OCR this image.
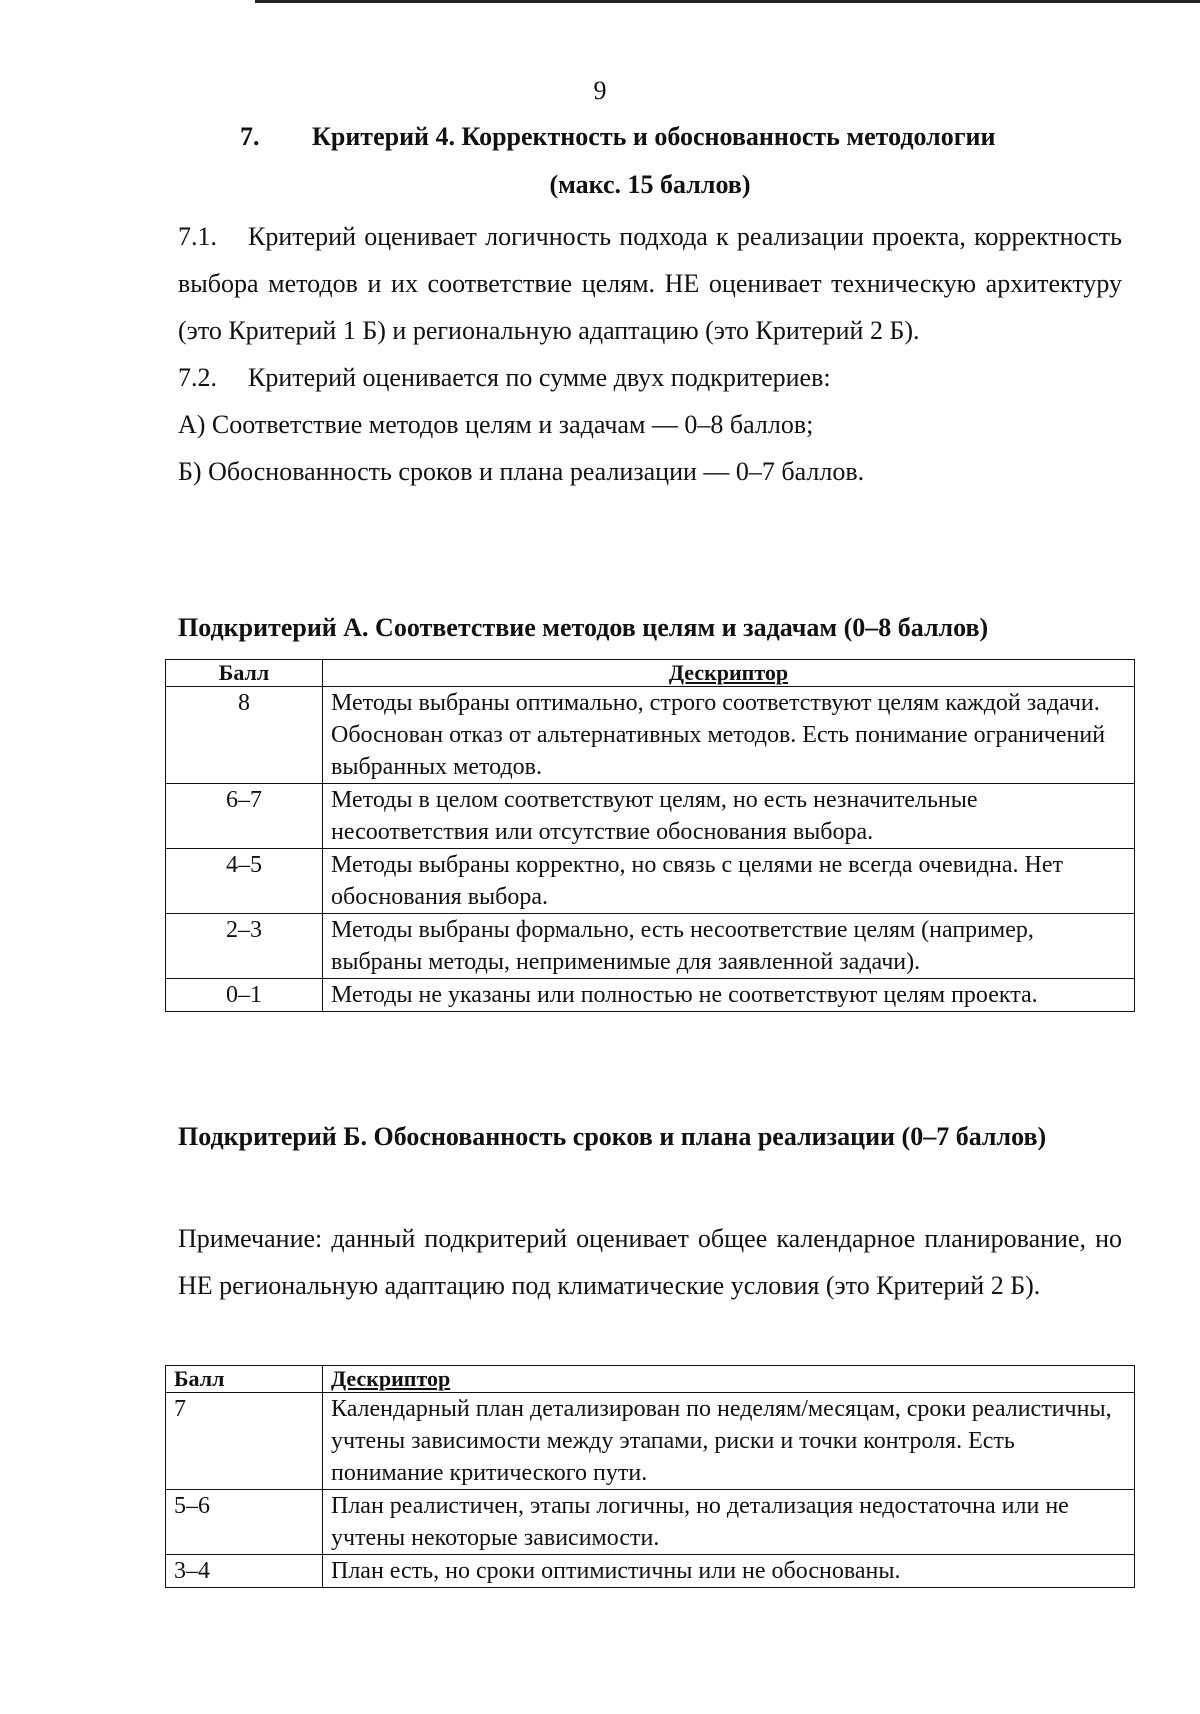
9
7. Критерий 4. Корректность и обоснованность методологии
(макс. 15 баллов)

7.1. Критерий оценивает логичность подхода к реализации проекта, корректность выбора методов и их соответствие целям. НЕ оценивает техническую архитектуру (это Критерий 1 Б) и региональную адаптацию (это Критерий 2 Б).

7.2. Критерий оценивается по сумме двух подкритериев:

А) Соответствие методов целям и задачам — 0–8 баллов;

Б) Обоснованность сроков и плана реализации — 0–7 баллов.

Подкритерий А. Соответствие методов целям и задачам (0–8 баллов)
Балл	Дескриптор
8	Методы выбраны оптимально, строго соответствуют целям каждой задачи. Обоснован отказ от альтернативных методов. Есть понимание ограничений выбранных методов.
6–7	Методы в целом соответствуют целям, но есть незначительные несоответствия или отсутствие обоснования выбора.
4–5	Методы выбраны корректно, но связь с целями не всегда очевидна. Нет обоснования выбора.
2–3	Методы выбраны формально, есть несоответствие целям (например, выбраны методы, неприменимые для заявленной задачи).
0–1	Методы не указаны или полностью не соответствуют целям проекта.
Подкритерий Б. Обоснованность сроков и плана реализации (0–7 баллов)
Примечание: данный подкритерий оценивает общее календарное планирование, но НЕ региональную адаптацию под климатические условия (это Критерий 2 Б).
Балл	Дескриптор
7	Календарный план детализирован по неделям/месяцам, сроки реалистичны, учтены зависимости между этапами, риски и точки контроля. Есть понимание критического пути.
5–6	План реалистичен, этапы логичны, но детализация недостаточна или не учтены некоторые зависимости.
3–4	План есть, но сроки оптимистичны или не обоснованы.
